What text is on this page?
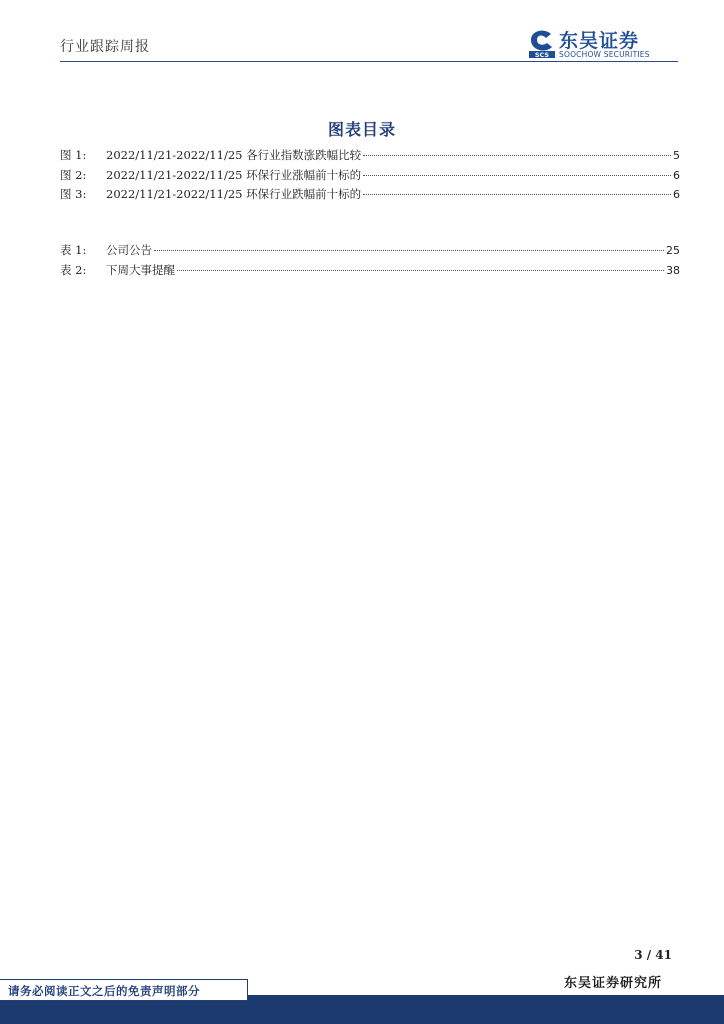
行业跟踪周报	SCS
东吴证券
SOOCHOW SECURITIES
图表目录
图 1:	2022/11/21-2022/11/25 各行业指数涨跌幅比较	5
图 2:	2022/11/21-2022/11/25 环保行业涨幅前十标的	6
图 3:	2022/11/21-2022/11/25 环保行业跌幅前十标的	6
表 1:	公司公告	25
表 2:	下周大事提醒	38
3 / 41
东吴证券研究所
请务必阅读正文之后的免责声明部分
